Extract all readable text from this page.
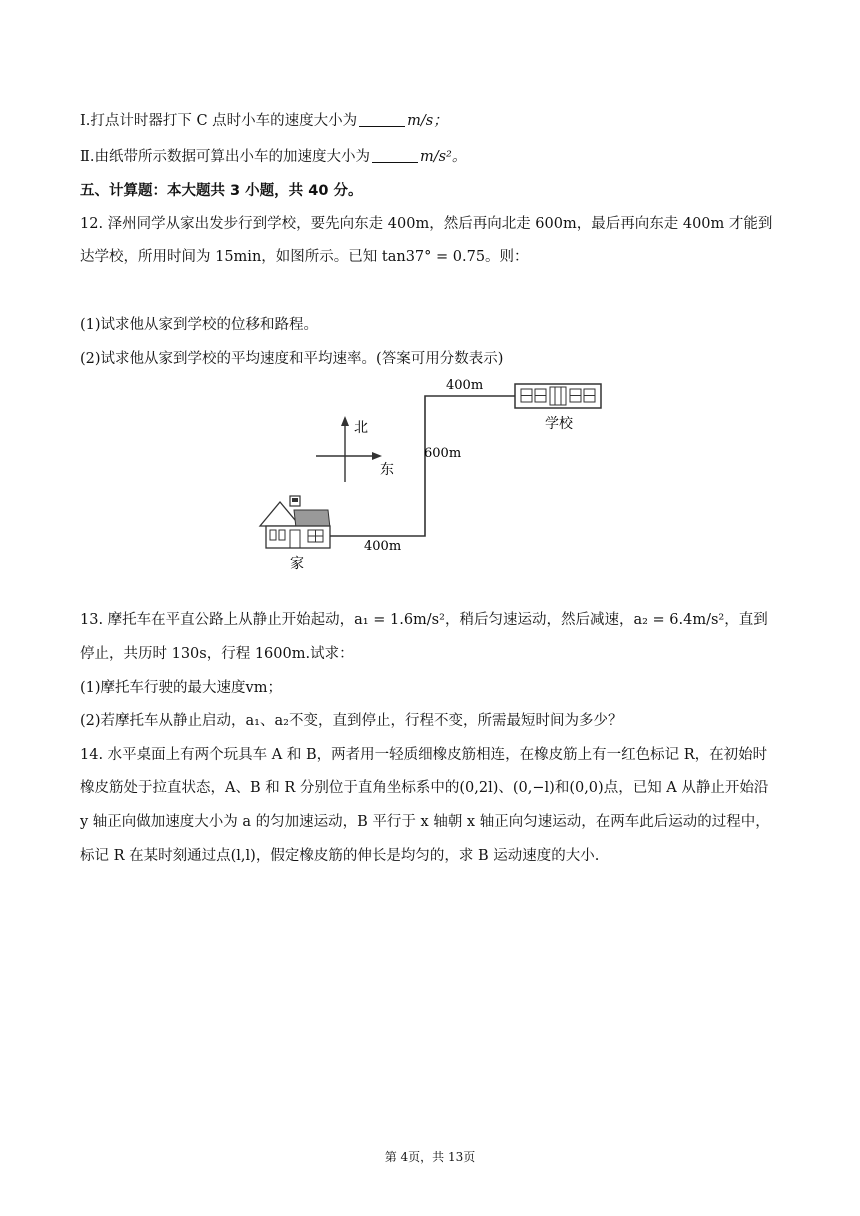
Ⅰ.打点计时器打下 C 点时小车的速度大小为	m/s；
Ⅱ.由纸带所示数据可算出小车的加速度大小为	m/s²。
五、计算题：本大题共 3 小题，共 40 分。
12. 泽州同学从家出发步行到学校，要先向东走 400m，然后再向北走 600m，最后再向东走 400m 才能到
达学校，所用时间为 15min，如图所示。已知 tan37° = 0.75。则：
(1)试求他从家到学校的位移和路程。
(2)试求他从家到学校的平均速度和平均速率。(答案可用分数表示)
北
东
400m
600m
400m
学校
家
13. 摩托车在平直公路上从静止开始起动，a₁ = 1.6m/s²，稍后匀速运动，然后减速，a₂ = 6.4m/s²，直到
停止，共历时 130s，行程 1600m.试求：
(1)摩托车行驶的最大速度vm；
(2)若摩托车从静止启动，a₁、a₂不变，直到停止，行程不变，所需最短时间为多少？
14. 水平桌面上有两个玩具车 A 和 B，两者用一轻质细橡皮筋相连，在橡皮筋上有一红色标记 R，在初始时
橡皮筋处于拉直状态，A、B 和 R 分别位于直角坐标系中的(0,2l)、(0,−l)和(0,0)点，已知 A 从静止开始沿
y 轴正向做加速度大小为 a 的匀加速运动，B 平行于 x 轴朝 x 轴正向匀速运动，在两车此后运动的过程中，
标记 R 在某时刻通过点(l,l)，假定橡皮筋的伸长是均匀的，求 B 运动速度的大小.
第 4页，共 13页
